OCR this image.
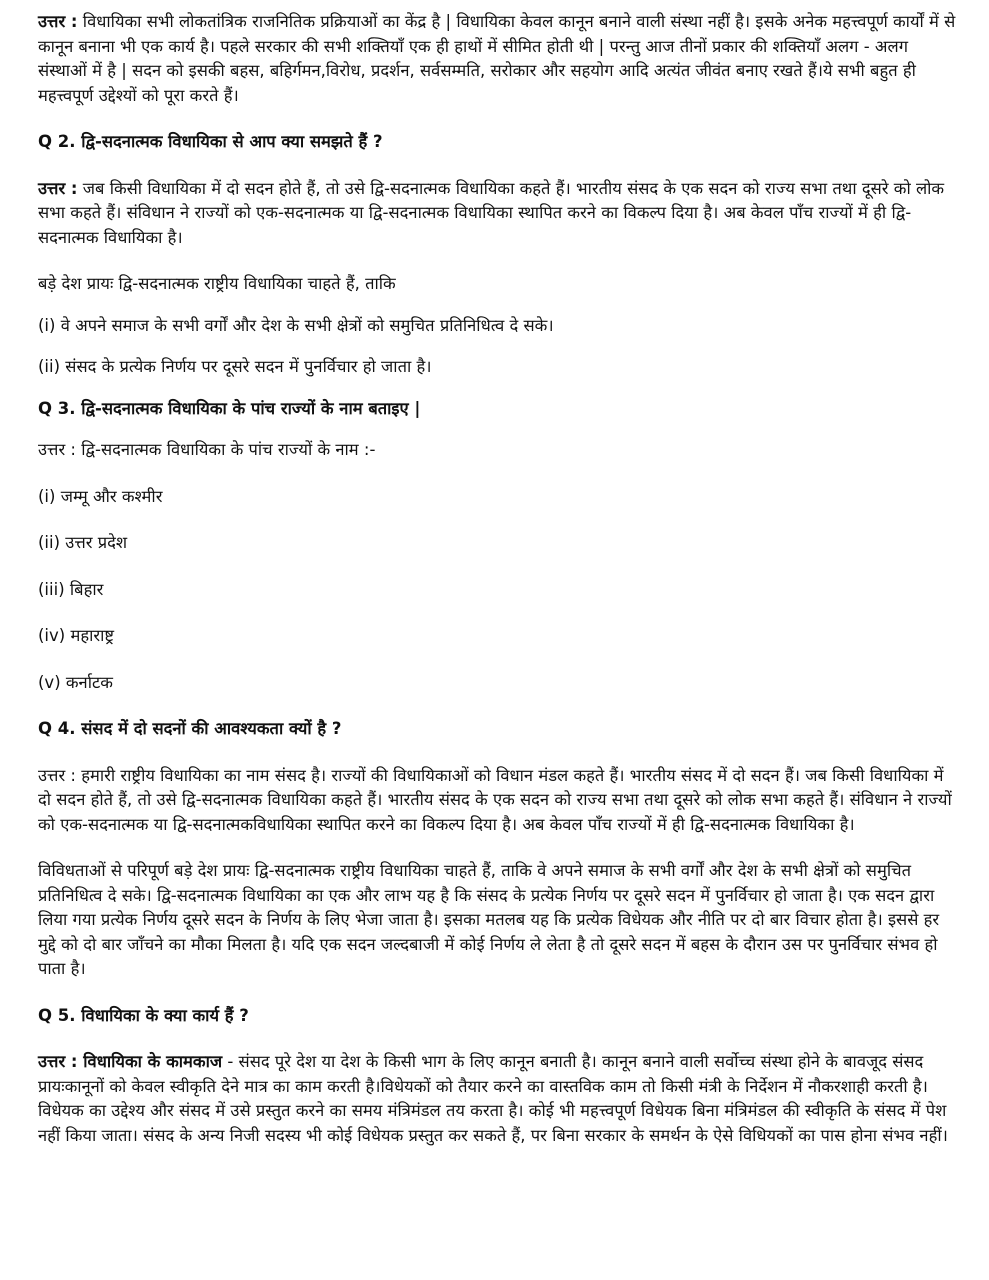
उत्तर : विधायिका सभी लोकतांत्रिक राजनितिक प्रक्रियाओं का केंद्र है | विधायिका केवल कानून बनाने वाली संस्था नहीं है। इसके अनेक महत्त्वपूर्ण कार्यों में से कानून बनाना भी एक कार्य है। पहले सरकार की सभी शक्तियाँ एक ही हाथों में सीमित होती थी | परन्तु आज तीनों प्रकार की शक्तियाँ अलग - अलग संस्थाओं में है | सदन को इसकी बहस, बहिर्गमन,विरोध, प्रदर्शन, सर्वसम्मति, सरोकार और सहयोग आदि अत्यंत जीवंत बनाए रखते हैं।ये सभी बहुत ही महत्त्वपूर्ण उद्देश्यों को पूरा करते हैं।

Q 2. द्वि-सदनात्मक विधायिका से आप क्या समझते हैं ?

उत्तर : जब किसी विधायिका में दो सदन होते हैं, तो उसे द्वि-सदनात्मक विधायिका कहते हैं। भारतीय संसद के एक सदन को राज्य सभा तथा दूसरे को लोक सभा कहते हैं। संविधान ने राज्यों को एक-सदनात्मक या द्वि-सदनात्मक विधायिका स्थापित करने का विकल्प दिया है। अब केवल पाँच राज्यों में ही द्वि-सदनात्मक विधायिका है।

बड़े देश प्रायः द्वि-सदनात्मक राष्ट्रीय विधायिका चाहते हैं, ताकि

(i) वे अपने समाज के सभी वर्गों और देश के सभी क्षेत्रों को समुचित प्रतिनिधित्व दे सके।

(ii) संसद के प्रत्येक निर्णय पर दूसरे सदन में पुनर्विचार हो जाता है।

Q 3. द्वि-सदनात्मक विधायिका के पांच राज्यों के नाम बताइए |

उत्तर : द्वि-सदनात्मक विधायिका के पांच राज्यों के नाम :-

(i) जम्मू और कश्मीर

(ii) उत्तर प्रदेश

(iii) बिहार

(iv) महाराष्ट्र

(v) कर्नाटक

Q 4. संसद में दो सदनों की आवश्यकता क्यों है ?

उत्तर : हमारी राष्ट्रीय विधायिका का नाम संसद है। राज्यों की विधायिकाओं को विधान मंडल कहते हैं। भारतीय संसद में दो सदन हैं। जब किसी विधायिका में दो सदन होते हैं, तो उसे द्वि-सदनात्मक विधायिका कहते हैं। भारतीय संसद के एक सदन को राज्य सभा तथा दूसरे को लोक सभा कहते हैं। संविधान ने राज्यों को एक-सदनात्मक या द्वि-सदनात्मकविधायिका स्थापित करने का विकल्प दिया है। अब केवल पाँच राज्यों में ही द्वि-सदनात्मक विधायिका है।

विविधताओं से परिपूर्ण बड़े देश प्रायः द्वि-सदनात्मक राष्ट्रीय विधायिका चाहते हैं, ताकि वे अपने समाज के सभी वर्गों और देश के सभी क्षेत्रों को समुचित प्रतिनिधित्व दे सके। द्वि-सदनात्मक विधायिका का एक और लाभ यह है कि संसद के प्रत्येक निर्णय पर दूसरे सदन में पुनर्विचार हो जाता है। एक सदन द्वारा लिया गया प्रत्येक निर्णय दूसरे सदन के निर्णय के लिए भेजा जाता है। इसका मतलब यह कि प्रत्येक विधेयक और नीति पर दो बार विचार होता है। इससे हर मुद्दे को दो बार जाँचने का मौका मिलता है। यदि एक सदन जल्दबाजी में कोई निर्णय ले लेता है तो दूसरे सदन में बहस के दौरान उस पर पुनर्विचार संभव हो पाता है।

Q 5. विधायिका के क्या कार्य हैं ?

उत्तर : विधायिका के कामकाज - संसद पूरे देश या देश के किसी भाग के लिए कानून बनाती है। कानून बनाने वाली सर्वोच्च संस्था होने के बावजूद संसद प्रायःकानूनों को केवल स्वीकृति देने मात्र का काम करती है।विधेयकों को तैयार करने का वास्तविक काम तो किसी मंत्री के निर्देशन में नौकरशाही करती है। विधेयक का उद्देश्य और संसद में उसे प्रस्तुत करने का समय मंत्रिमंडल तय करता है। कोई भी महत्त्वपूर्ण विधेयक बिना मंत्रिमंडल की स्वीकृति के संसद में पेश नहीं किया जाता। संसद के अन्य निजी सदस्य भी कोई विधेयक प्रस्तुत कर सकते हैं, पर बिना सरकार के समर्थन के ऐसे विधियकों का पास होना संभव नहीं।
